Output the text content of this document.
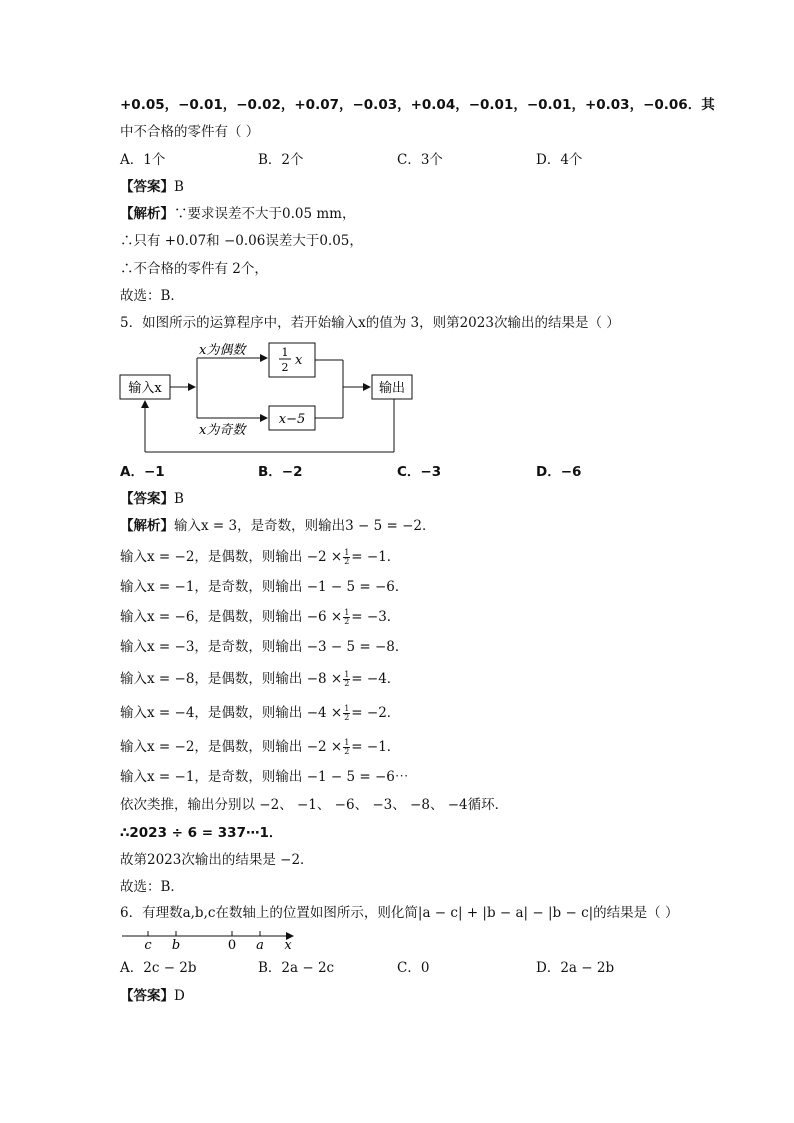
+0.05，−0.01，−0.02，+0.07，−0.03，+0.04，−0.01，−0.01，+0.03，−0.06．其
中不合格的零件有（ ）
A．1个	B．2个	C．3个	D．4个
【答案】B
【解析】∵要求误差不大于0.05 mm，
∴只有 +0.07和 −0.06误差大于0.05，
∴不合格的零件有 2个，
故选：B．
5．如图所示的运算程序中，若开始输入x的值为 3，则第2023次输出的结果是（ ）
输入x
x为偶数	1
2 x
x为奇数
x−5
输出
A．−1	B．−2	C．−3	D．−6
【答案】B
【解析】输入x = 3，是奇数，则输出3 − 5 = −2．
输入x = −2，是偶数，则输出 $-2 \times \frac{1}{2} = -1$．
输入x = −1，是奇数，则输出 −1 − 5 = −6．
输入x = −6，是偶数，则输出 $-6 \times \frac{1}{2} = -3$．
输入x = −3，是奇数，则输出 −3 − 5 = −8．
输入x = −8，是偶数，则输出 $-8 \times \frac{1}{2} = -4$．
输入x = −4，是偶数，则输出 $-4 \times \frac{1}{2} = -2$．
输入x = −2，是偶数，则输出 $-2 \times \frac{1}{2} = -1$．
输入x = −1，是奇数，则输出 −1 − 5 = −6⋯
依次类推，输出分别以 −2、 −1、 −6、 −3、 −8、 −4循环．
∴2023 ÷ 6 = 337⋯1．
故第2023次输出的结果是 −2．
故选：B．
6．有理数a,b,c在数轴上的位置如图所示，则化简|a − c| + |b − a| − |b − c|的结果是（ ）
c b	0 a x
A．2c − 2b	B．2a − 2c	C．0	D．2a − 2b
【答案】D
